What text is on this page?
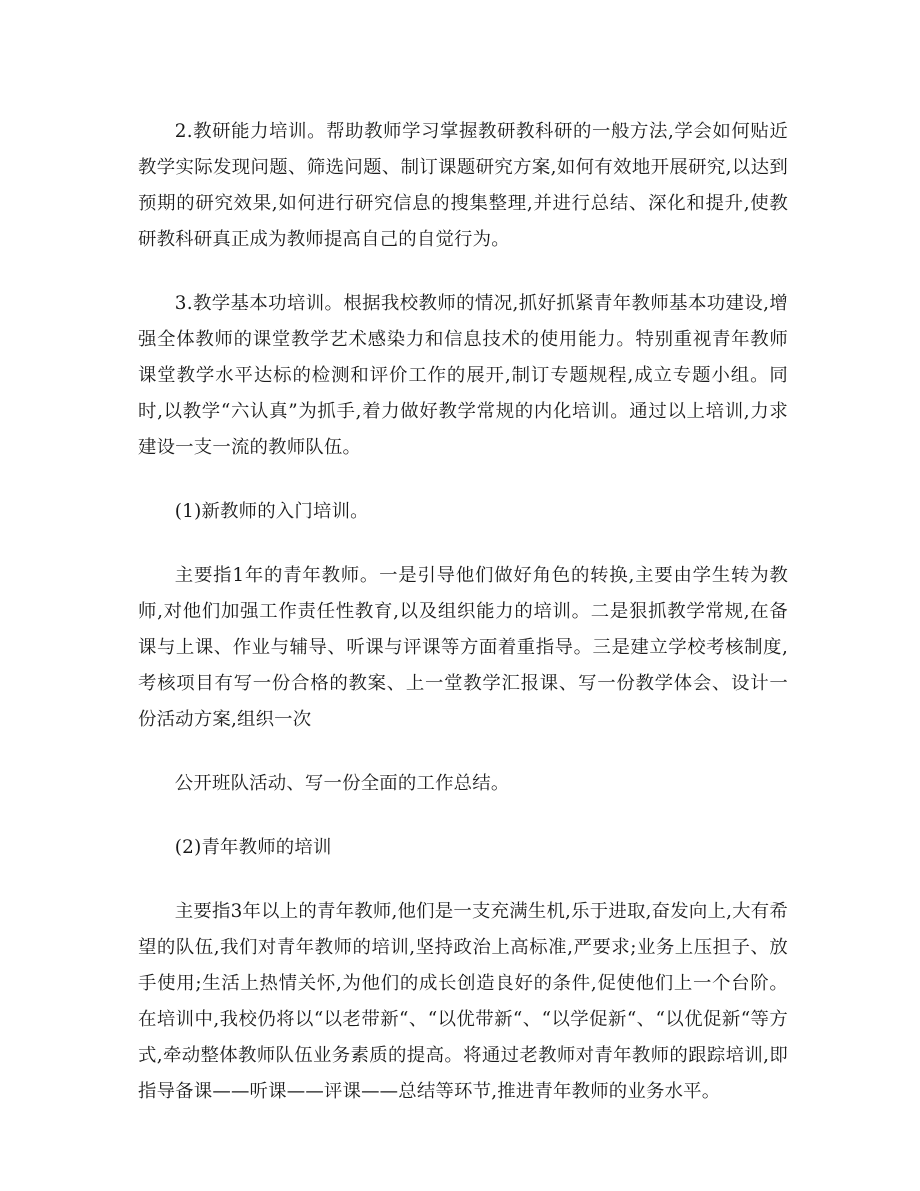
2.教研能力培训。帮助教师学习掌握教研教科研的一般方法,学会如何贴近教学实际发现问题、筛选问题、制订课题研究方案,如何有效地开展研究,以达到预期的研究效果,如何进行研究信息的搜集整理,并进行总结、深化和提升,使教研教科研真正成为教师提高自己的自觉行为。

3.教学基本功培训。根据我校教师的情况,抓好抓紧青年教师基本功建设,增强全体教师的课堂教学艺术感染力和信息技术的使用能力。特别重视青年教师课堂教学水平达标的检测和评价工作的展开,制订专题规程,成立专题小组。同时,以教学“六认真”为抓手,着力做好教学常规的内化培训。通过以上培训,力求建设一支一流的教师队伍。

(1)新教师的入门培训。

主要指1年的青年教师。一是引导他们做好角色的转换,主要由学生转为教师,对他们加强工作责任性教育,以及组织能力的培训。二是狠抓教学常规,在备课与上课、作业与辅导、听课与评课等方面着重指导。三是建立学校考核制度,考核项目有写一份合格的教案、上一堂教学汇报课、写一份教学体会、设计一份活动方案,组织一次

公开班队活动、写一份全面的工作总结。

(2)青年教师的培训

主要指3年以上的青年教师,他们是一支充满生机,乐于进取,奋发向上,大有希望的队伍,我们对青年教师的培训,坚持政治上高标准,严要求;业务上压担子、放手使用;生活上热情关怀,为他们的成长创造良好的条件,促使他们上一个台阶。在培训中,我校仍将以“以老带新“、“以优带新“、“以学促新“、“以优促新“等方式,牵动整体教师队伍业务素质的提高。将通过老教师对青年教师的跟踪培训,即指导备课——听课——评课——总结等环节,推进青年教师的业务水平。
